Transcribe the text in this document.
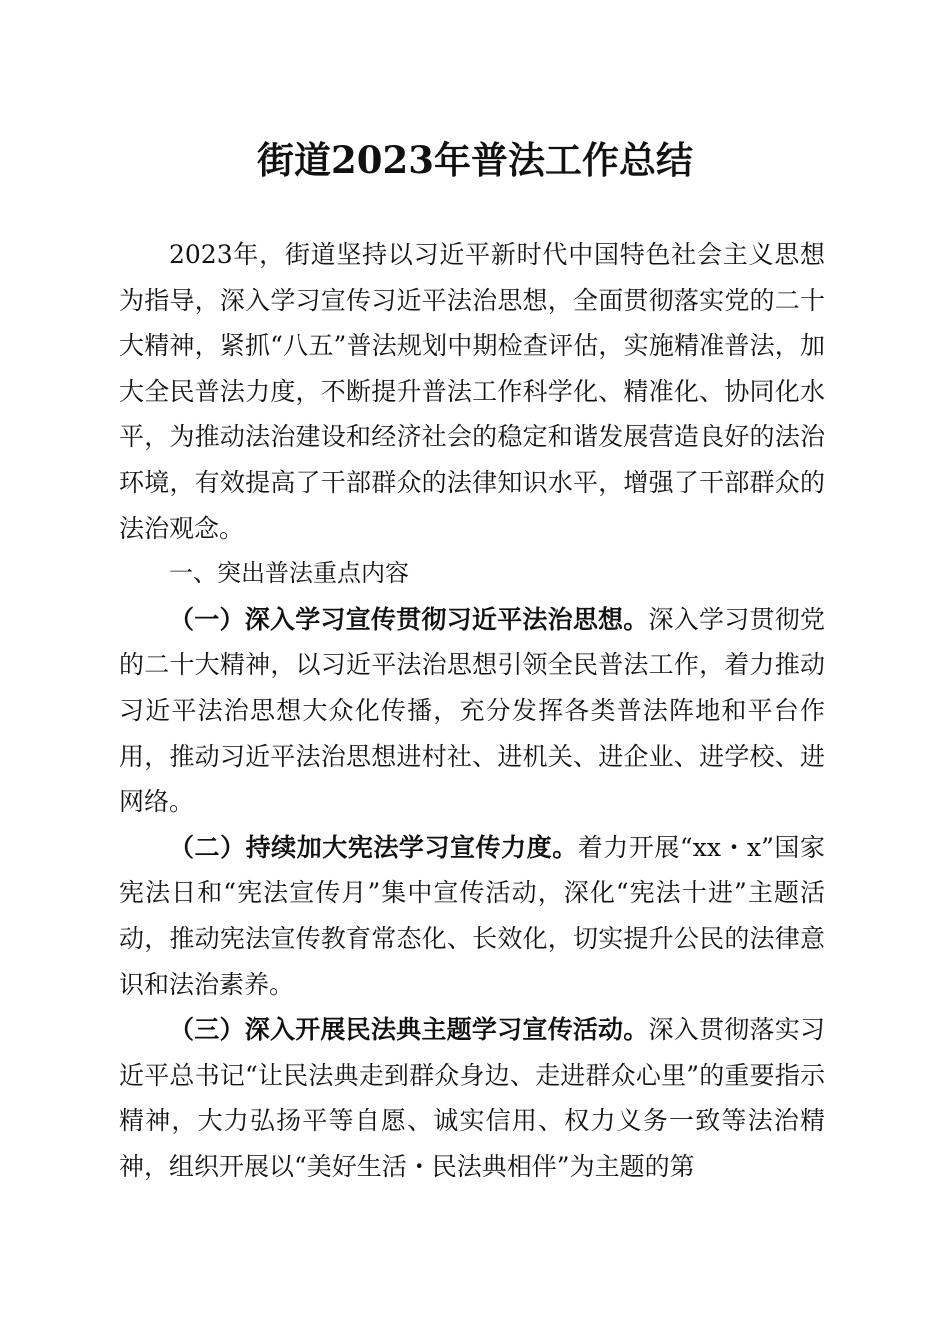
街道2023年普法工作总结

2023年，街道坚持以习近平新时代中国特色社会主义思想为指导，深入学习宣传习近平法治思想，全面贯彻落实党的二十大精神，紧抓“八五”普法规划中期检查评估，实施精准普法，加大全民普法力度，不断提升普法工作科学化、精准化、协同化水平，为推动法治建设和经济社会的稳定和谐发展营造良好的法治环境，有效提高了干部群众的法律知识水平，增强了干部群众的法治观念。

一、突出普法重点内容

（一）深入学习宣传贯彻习近平法治思想。深入学习贯彻党的二十大精神，以习近平法治思想引领全民普法工作，着力推动习近平法治思想大众化传播，充分发挥各类普法阵地和平台作用，推动习近平法治思想进村社、进机关、进企业、进学校、进网络。

（二）持续加大宪法学习宣传力度。着力开展“xx・x”国家宪法日和“宪法宣传月”集中宣传活动，深化“宪法十进”主题活动，推动宪法宣传教育常态化、长效化，切实提升公民的法律意识和法治素养。

（三）深入开展民法典主题学习宣传活动。深入贯彻落实习近平总书记“让民法典走到群众身边、走进群众心里”的重要指示精神，大力弘扬平等自愿、诚实信用、权力义务一致等法治精神，组织开展以“美好生活・民法典相伴”为主题的第
